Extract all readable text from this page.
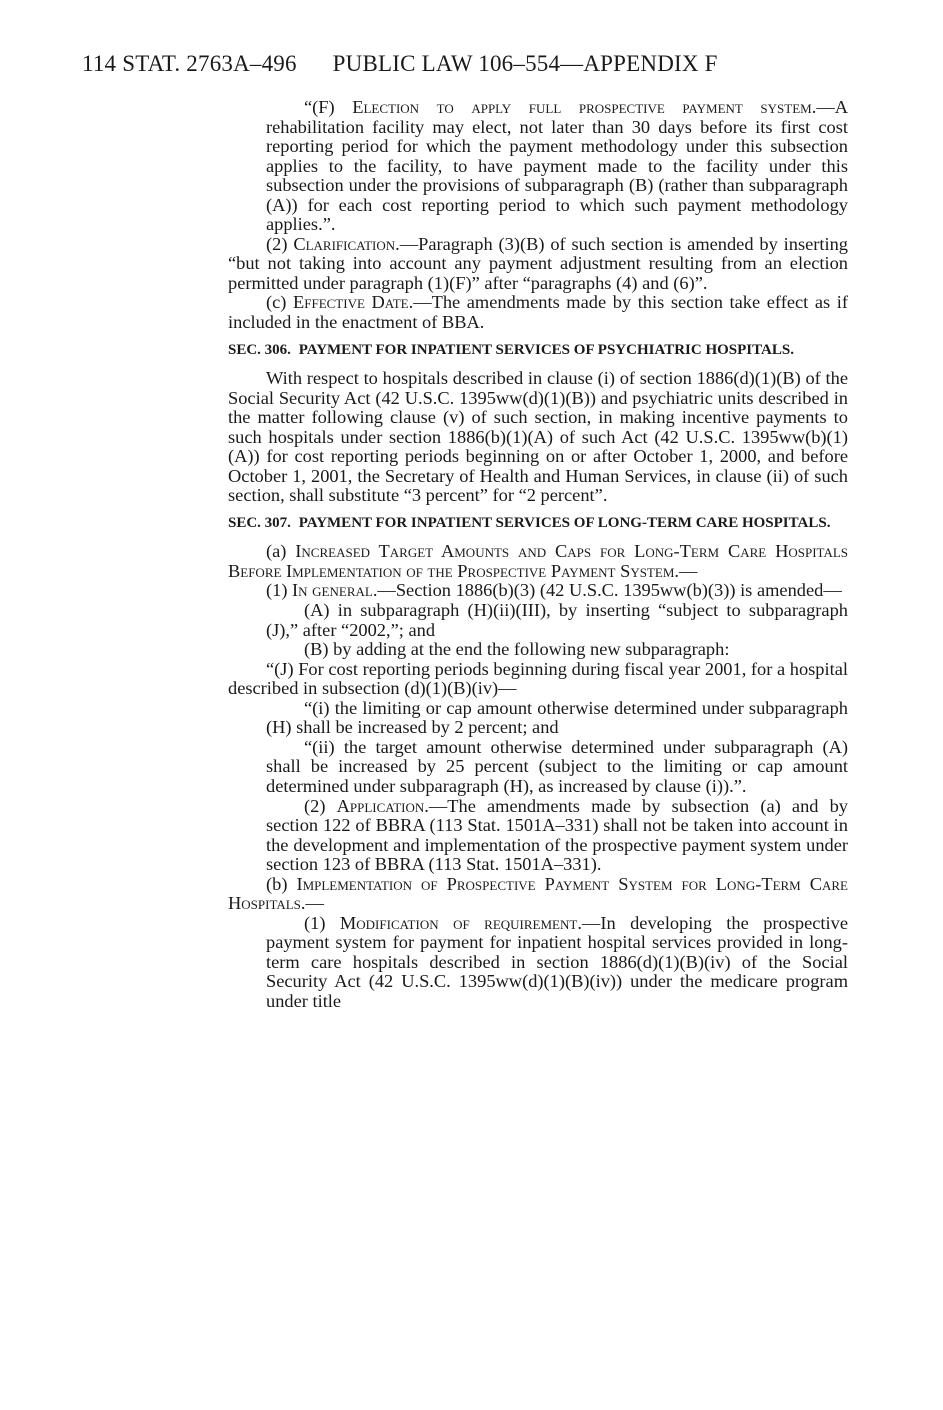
114 STAT. 2763A–496 PUBLIC LAW 106–554—APPENDIX F

“(F) Election to apply full prospective payment system.—A rehabilitation facility may elect, not later than 30 days before its first cost reporting period for which the payment methodology under this subsection applies to the facility, to have payment made to the facility under this subsection under the provisions of subparagraph (B) (rather than subparagraph (A)) for each cost reporting period to which such payment methodology applies.”.

(2) Clarification.—Paragraph (3)(B) of such section is amended by inserting “but not taking into account any payment adjustment resulting from an election permitted under paragraph (1)(F)” after “paragraphs (4) and (6)”.

(c) Effective Date.—The amendments made by this section take effect as if included in the enactment of BBA.

SEC. 306. PAYMENT FOR INPATIENT SERVICES OF PSYCHIATRIC HOSPITALS.

With respect to hospitals described in clause (i) of section 1886(d)(1)(B) of the Social Security Act (42 U.S.C. 1395ww(d)(1)(B)) and psychiatric units described in the matter following clause (v) of such section, in making incentive payments to such hospitals under section 1886(b)(1)(A) of such Act (42 U.S.C. 1395ww(b)(1)(A)) for cost reporting periods beginning on or after October 1, 2000, and before October 1, 2001, the Secretary of Health and Human Services, in clause (ii) of such section, shall substitute “3 percent” for “2 percent”.

SEC. 307. PAYMENT FOR INPATIENT SERVICES OF LONG-TERM CARE HOSPITALS.

(a) Increased Target Amounts and Caps for Long-Term Care Hospitals Before Implementation of the Prospective Payment System.—

(1) In general.—Section 1886(b)(3) (42 U.S.C. 1395ww(b)(3)) is amended—

(A) in subparagraph (H)(ii)(III), by inserting “subject to subparagraph (J),” after “2002,”; and

(B) by adding at the end the following new subparagraph:

“(J) For cost reporting periods beginning during fiscal year 2001, for a hospital described in subsection (d)(1)(B)(iv)—

“(i) the limiting or cap amount otherwise determined under subparagraph (H) shall be increased by 2 percent; and

“(ii) the target amount otherwise determined under subparagraph (A) shall be increased by 25 percent (subject to the limiting or cap amount determined under subparagraph (H), as increased by clause (i)).”.

(2) Application.—The amendments made by subsection (a) and by section 122 of BBRA (113 Stat. 1501A–331) shall not be taken into account in the development and implementation of the prospective payment system under section 123 of BBRA (113 Stat. 1501A–331).

(b) Implementation of Prospective Payment System for Long-Term Care Hospitals.—

(1) Modification of requirement.—In developing the prospective payment system for payment for inpatient hospital services provided in long-term care hospitals described in section 1886(d)(1)(B)(iv) of the Social Security Act (42 U.S.C. 1395ww(d)(1)(B)(iv)) under the medicare program under title
